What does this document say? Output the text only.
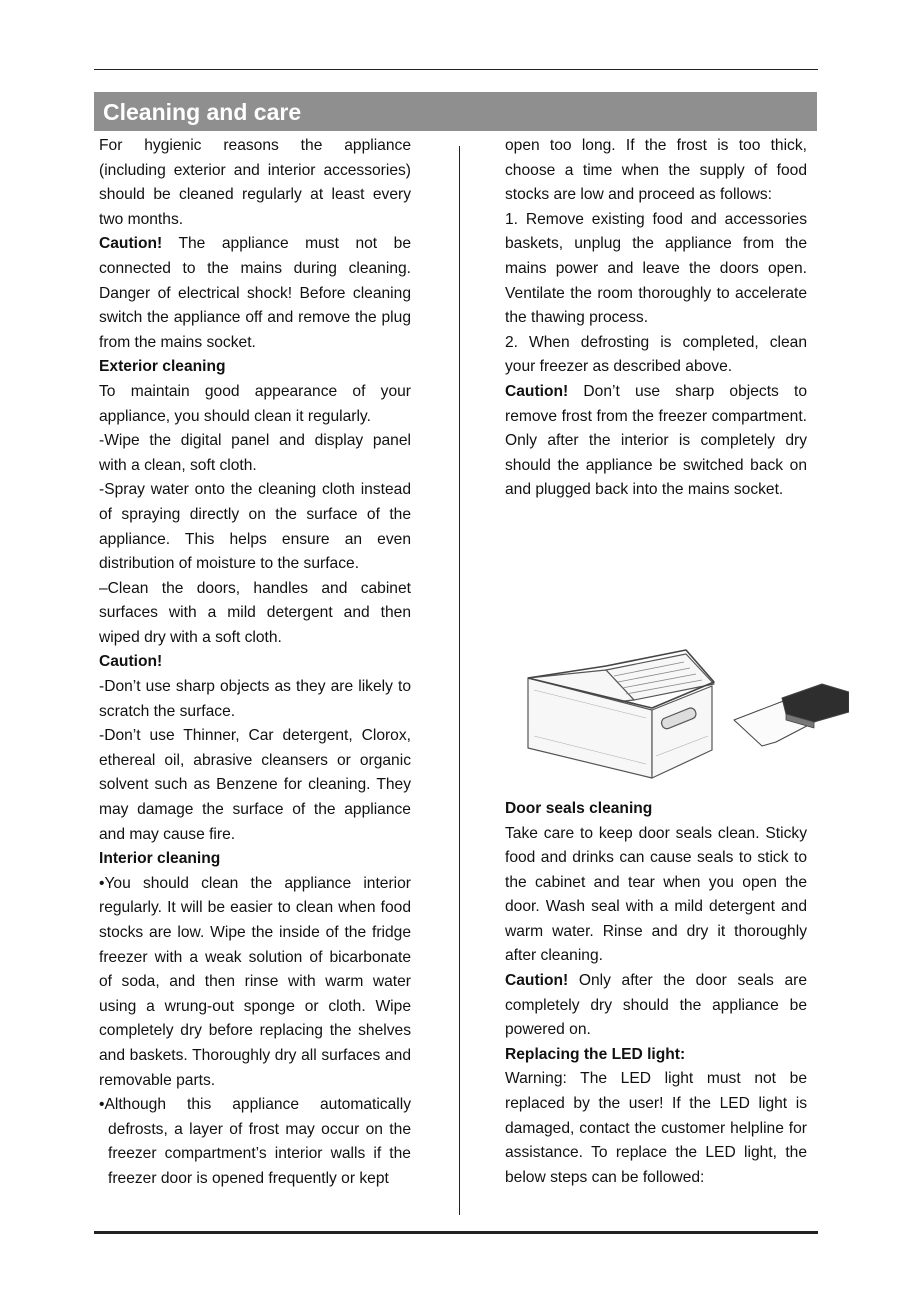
Cleaning and care

For hygienic reasons the appliance (including exterior and interior accessories) should be cleaned regularly at least every two months.

Caution! The appliance must not be connected to the mains during cleaning. Danger of electrical shock! Before cleaning switch the appliance off and remove the plug from the mains socket.

Exterior cleaning

To maintain good appearance of your appliance, you should clean it regularly.

-Wipe the digital panel and display panel with a clean, soft cloth.

-Spray water onto the cleaning cloth instead of spraying directly on the surface of the appliance. This helps ensure an even distribution of moisture to the surface.

–Clean the doors, handles and cabinet surfaces with a mild detergent and then wiped dry with a soft cloth.

Caution!

-Don’t use sharp objects as they are likely to scratch the surface.

-Don’t use Thinner, Car detergent, Clorox, ethereal oil, abrasive cleansers or organic solvent such as Benzene for cleaning. They may damage the surface of the appliance and may cause fire.

Interior cleaning

•You should clean the appliance interior regularly. It will be easier to clean when food stocks are low. Wipe the inside of the fridge freezer with a weak solution of bicarbonate of soda, and then rinse with warm water using a wrung-out sponge or cloth. Wipe completely dry before replacing the shelves and baskets. Thoroughly dry all surfaces and removable parts.

•Although this appliance automatically defrosts, a layer of frost may occur on the freezer compartment’s interior walls if the freezer door is opened frequently or kept

open too long. If the frost is too thick, choose a time when the supply of food stocks are low and proceed as follows:

1. Remove existing food and accessories baskets, unplug the appliance from the mains power and leave the doors open. Ventilate the room thoroughly to accelerate the thawing process.

2. When defrosting is completed, clean your freezer as described above.

Caution! Don’t use sharp objects to remove frost from the freezer compartment. Only after the interior is completely dry should the appliance be switched back on and plugged back into the mains socket.

Door seals cleaning

Take care to keep door seals clean. Sticky food and drinks can cause seals to stick to the cabinet and tear when you open the door. Wash seal with a mild detergent and warm water. Rinse and dry it thoroughly after cleaning.

Caution! Only after the door seals are completely dry should the appliance be powered on.

Replacing the LED light:

Warning: The LED light must not be replaced by the user! If the LED light is damaged, contact the customer helpline for assistance. To replace the LED light, the below steps can be followed:
